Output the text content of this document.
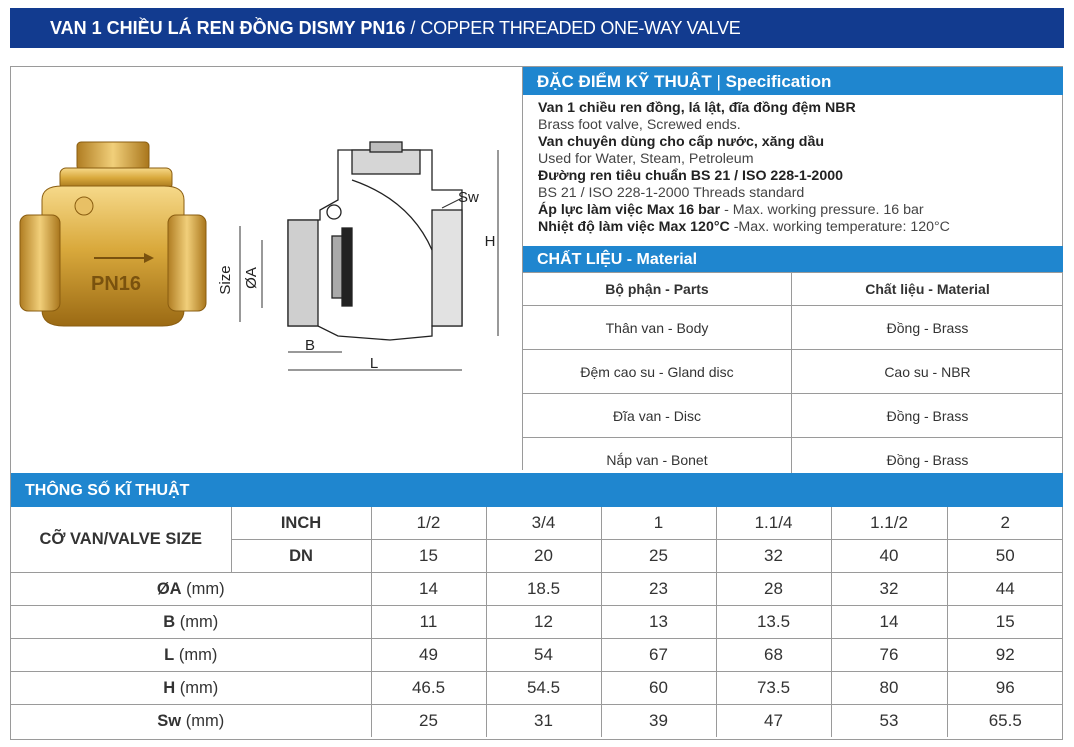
VAN 1 CHIỀU LÁ REN ĐỒNG DISMY PN16 / COPPER THREADED ONE-WAY VALVE
PN16	Size ØA
B
L
H
Sw
ĐẶC ĐIỂM KỸ THUẬT | Specification
Van 1 chiều ren đồng, lá lật, đĩa đồng đệm NBR
Brass foot valve, Screwed ends.
Van chuyên dùng cho cấp nước, xăng dầu
Used for Water, Steam, Petroleum
Đường ren tiêu chuẩn BS 21 / ISO 228-1-2000
BS 21 / ISO 228-1-2000 Threads standard
Áp lực làm việc Max 16 bar - Max. working pressure. 16 bar
Nhiệt độ làm việc Max 120°C -Max. working temperature: 120°C
CHẤT LIỆU - Material
Bộ phận - Parts	Chất liệu - Material
Thân van - Body	Đồng - Brass
Đệm cao su - Gland disc	Cao su - NBR
Đĩa van - Disc	Đồng - Brass
Nắp van - Bonet	Đồng - Brass
THÔNG SỐ KĨ THUẬT
CỠ VAN/VALVE SIZE	INCH	1/2	3/4	1	1.1/4	1.1/2	2
	DN	15	20	25	32	40	50
ØA (mm)		14	18.5	23	28	32	44
B (mm)		11	12	13	13.5	14	15
L (mm)		49	54	67	68	76	92
H (mm)		46.5	54.5	60	73.5	80	96
Sw (mm)		25	31	39	47	53	65.5
